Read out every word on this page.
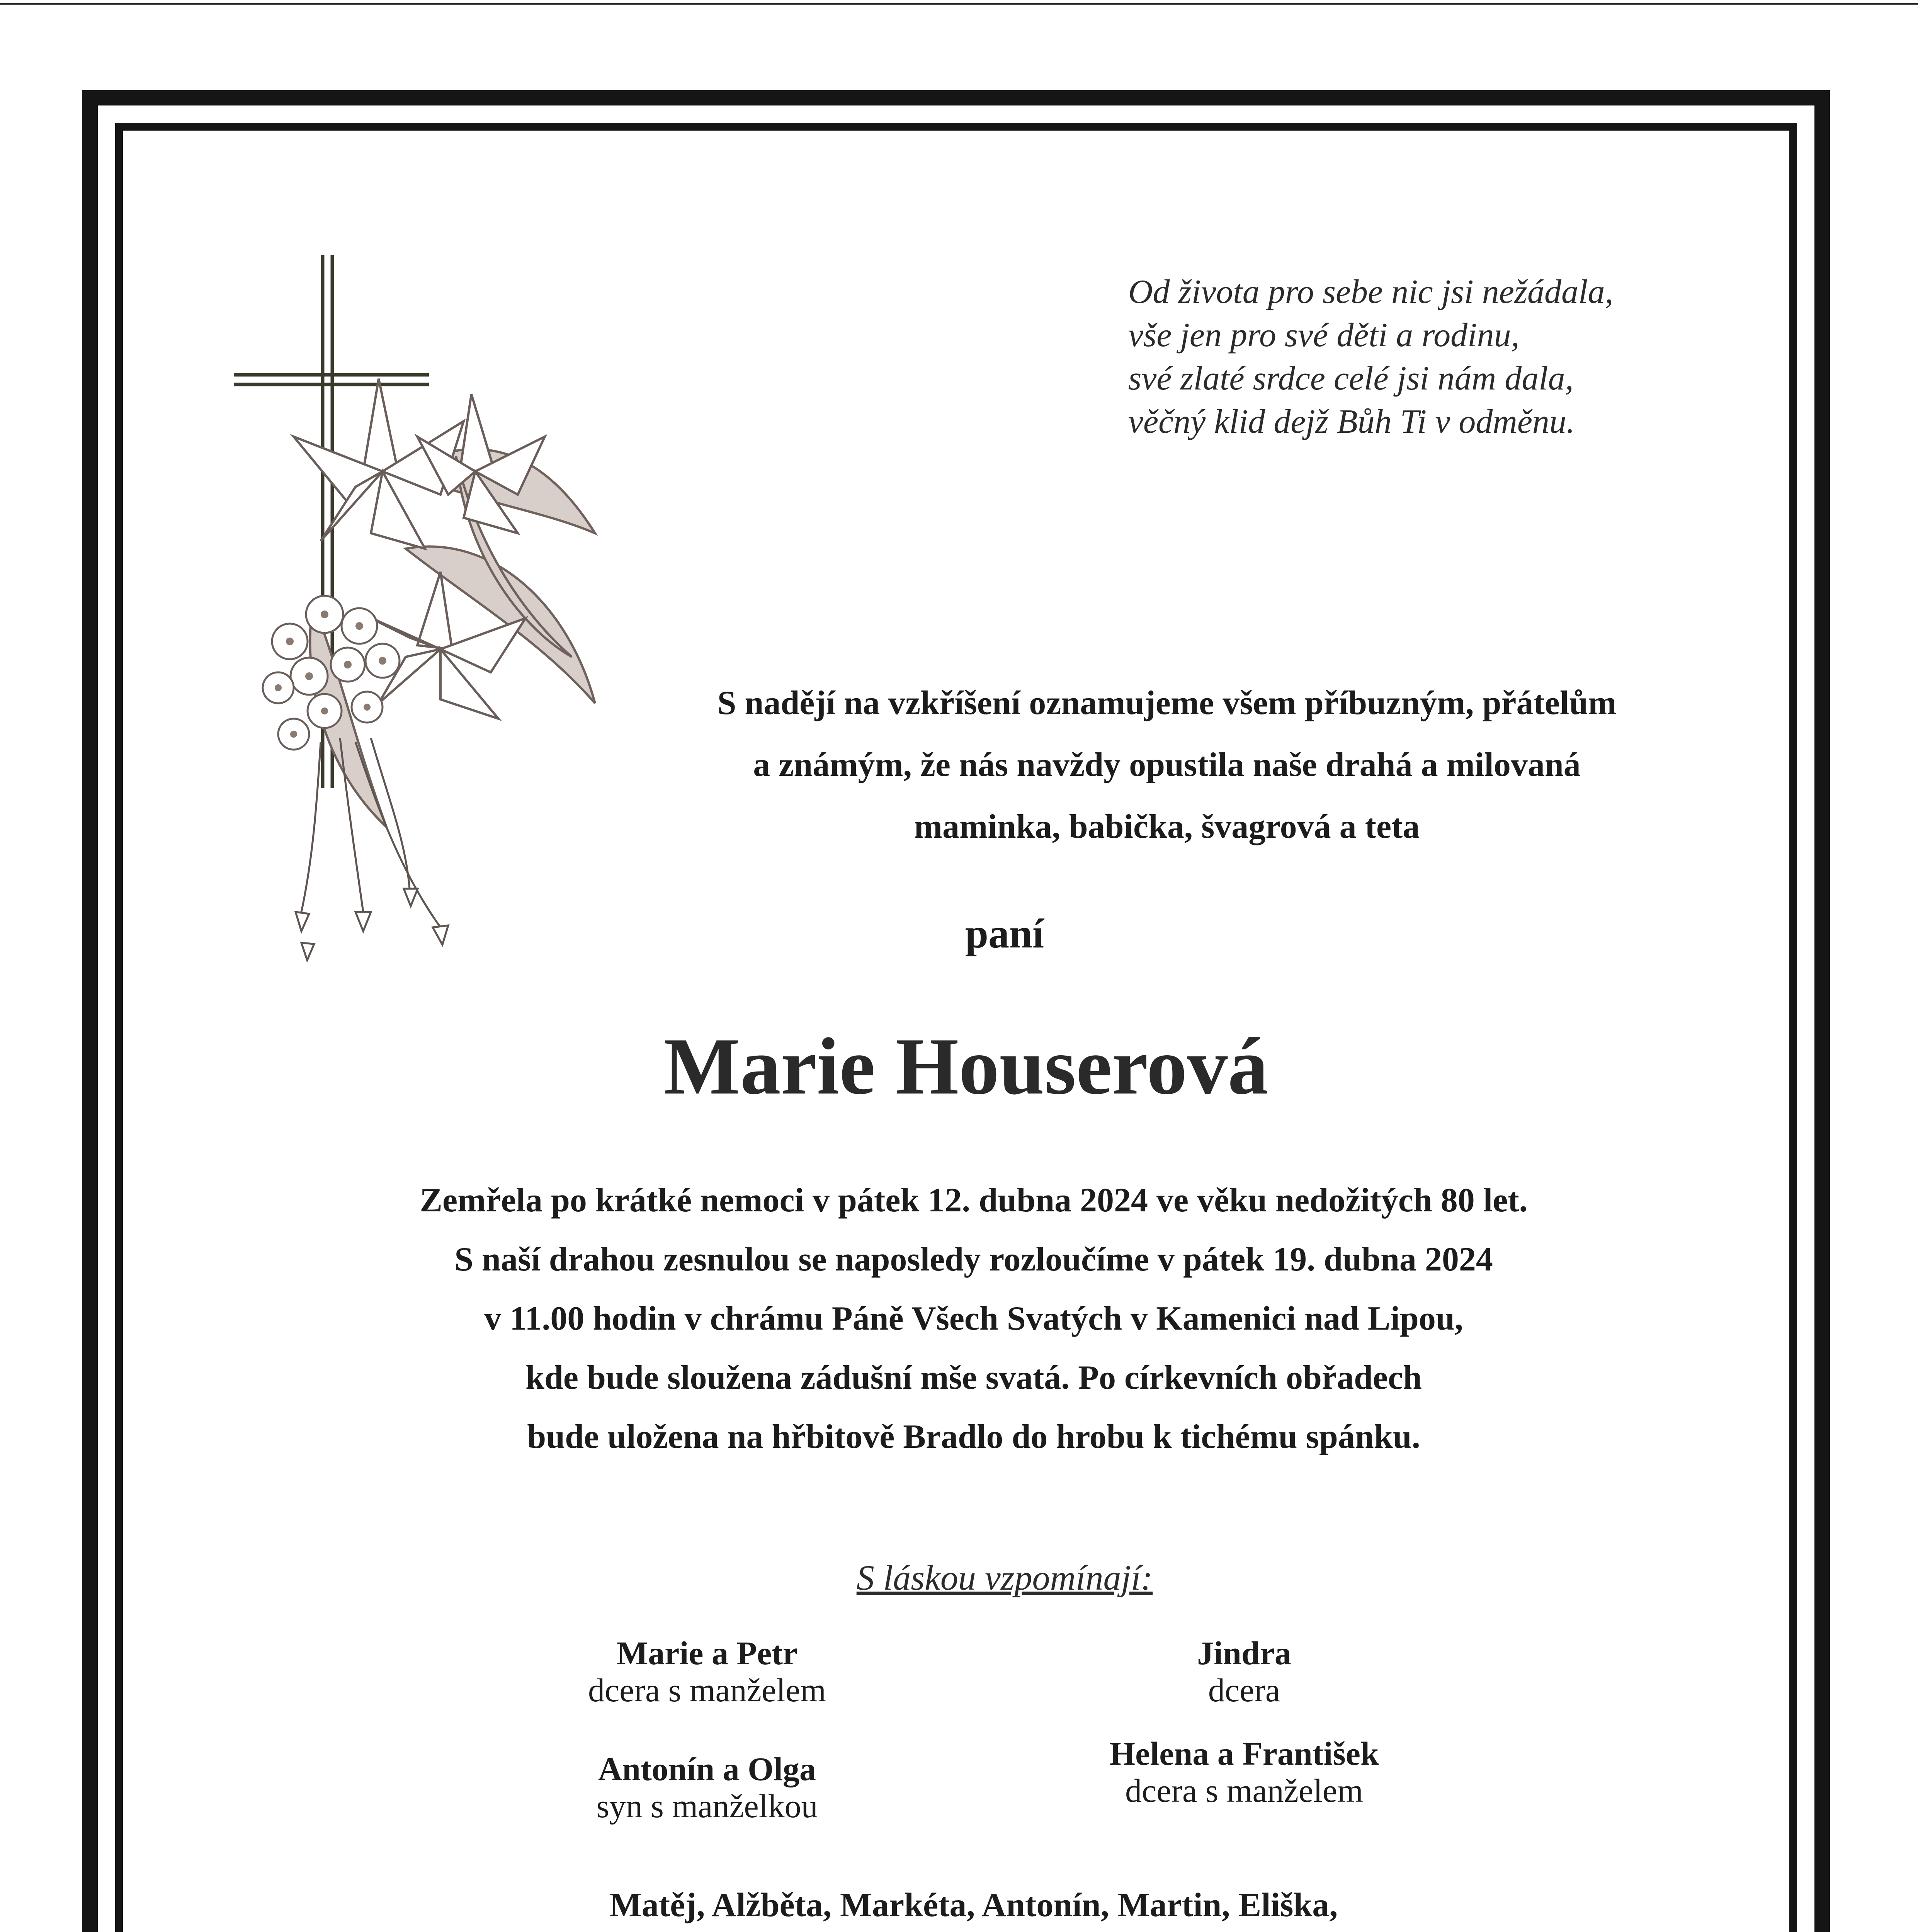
Od života pro sebe nic jsi nežádala,
vše jen pro své děti a rodinu,
své zlaté srdce celé jsi nám dala,
věčný klid dejž Bůh Ti v odměnu.
S nadějí na vzkříšení oznamujeme všem příbuzným, přátelům
a známým, že nás navždy opustila naše drahá a milovaná
maminka, babička, švagrová a teta
paní
Marie Houserová
Zemřela po krátké nemoci v pátek 12. dubna 2024 ve věku nedožitých 80 let.
S naší drahou zesnulou se naposledy rozloučíme v pátek 19. dubna 2024
v 11.00 hodin v chrámu Páně Všech Svatých v Kamenici nad Lipou,
kde bude sloužena zádušní mše svatá. Po církevních obřadech
bude uložena na hřbitově Bradlo do hrobu k tichému spánku.
S láskou vzpomínají:
Marie a Petr
dcera s manželem
Jindra
dcera
Antonín a Olga
syn s manželkou
Helena a František
dcera s manželem
Matěj, Alžběta, Markéta, Antonín, Martin, Eliška,
